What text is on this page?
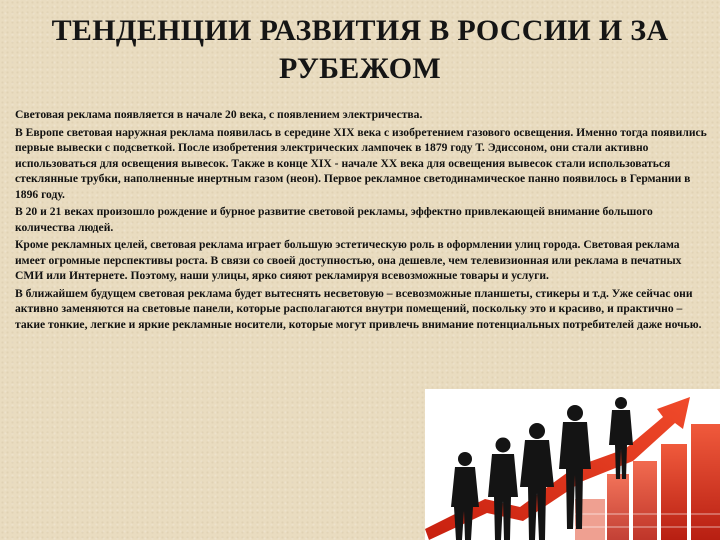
ТЕНДЕНЦИИ РАЗВИТИЯ В РОССИИ И ЗА РУБЕЖОМ

Световая реклама появляется в начале 20 века, с появлением электричества.

В Европе световая наружная реклама появилась в середине XIX века с изобретением газового освещения. Именно тогда появились первые вывески с подсветкой. После изобретения электрических лампочек в 1879 году Т. Эдиссоном, они стали активно использоваться для освещения вывесок. Также в конце XIX - начале XX века для освещения вывесок стали использоваться стеклянные трубки, наполненные инертным газом (неон). Первое рекламное светодинамическое панно появилось в Германии в 1896 году.

В 20 и 21 веках произошло рождение и бурное развитие световой рекламы, эффектно привлекающей внимание большого количества людей.

Кроме рекламных целей, световая реклама играет большую эстетическую роль в оформлении улиц города. Световая реклама имеет огромные перспективы роста. В связи со своей доступностью, она дешевле, чем телевизионная или реклама в печатных СМИ или Интернете. Поэтому, наши улицы, ярко сияют рекламируя всевозможные товары и услуги.

В ближайшем будущем световая реклама будет вытеснять несветовую – всевозможные планшеты, стикеры и т.д. Уже сейчас они активно заменяются на световые панели, которые располагаются внутри помещений, поскольку это и красиво, и практично – такие тонкие, легкие и яркие рекламные носители, которые могут привлечь внимание потенциальных потребителей даже ночью.
